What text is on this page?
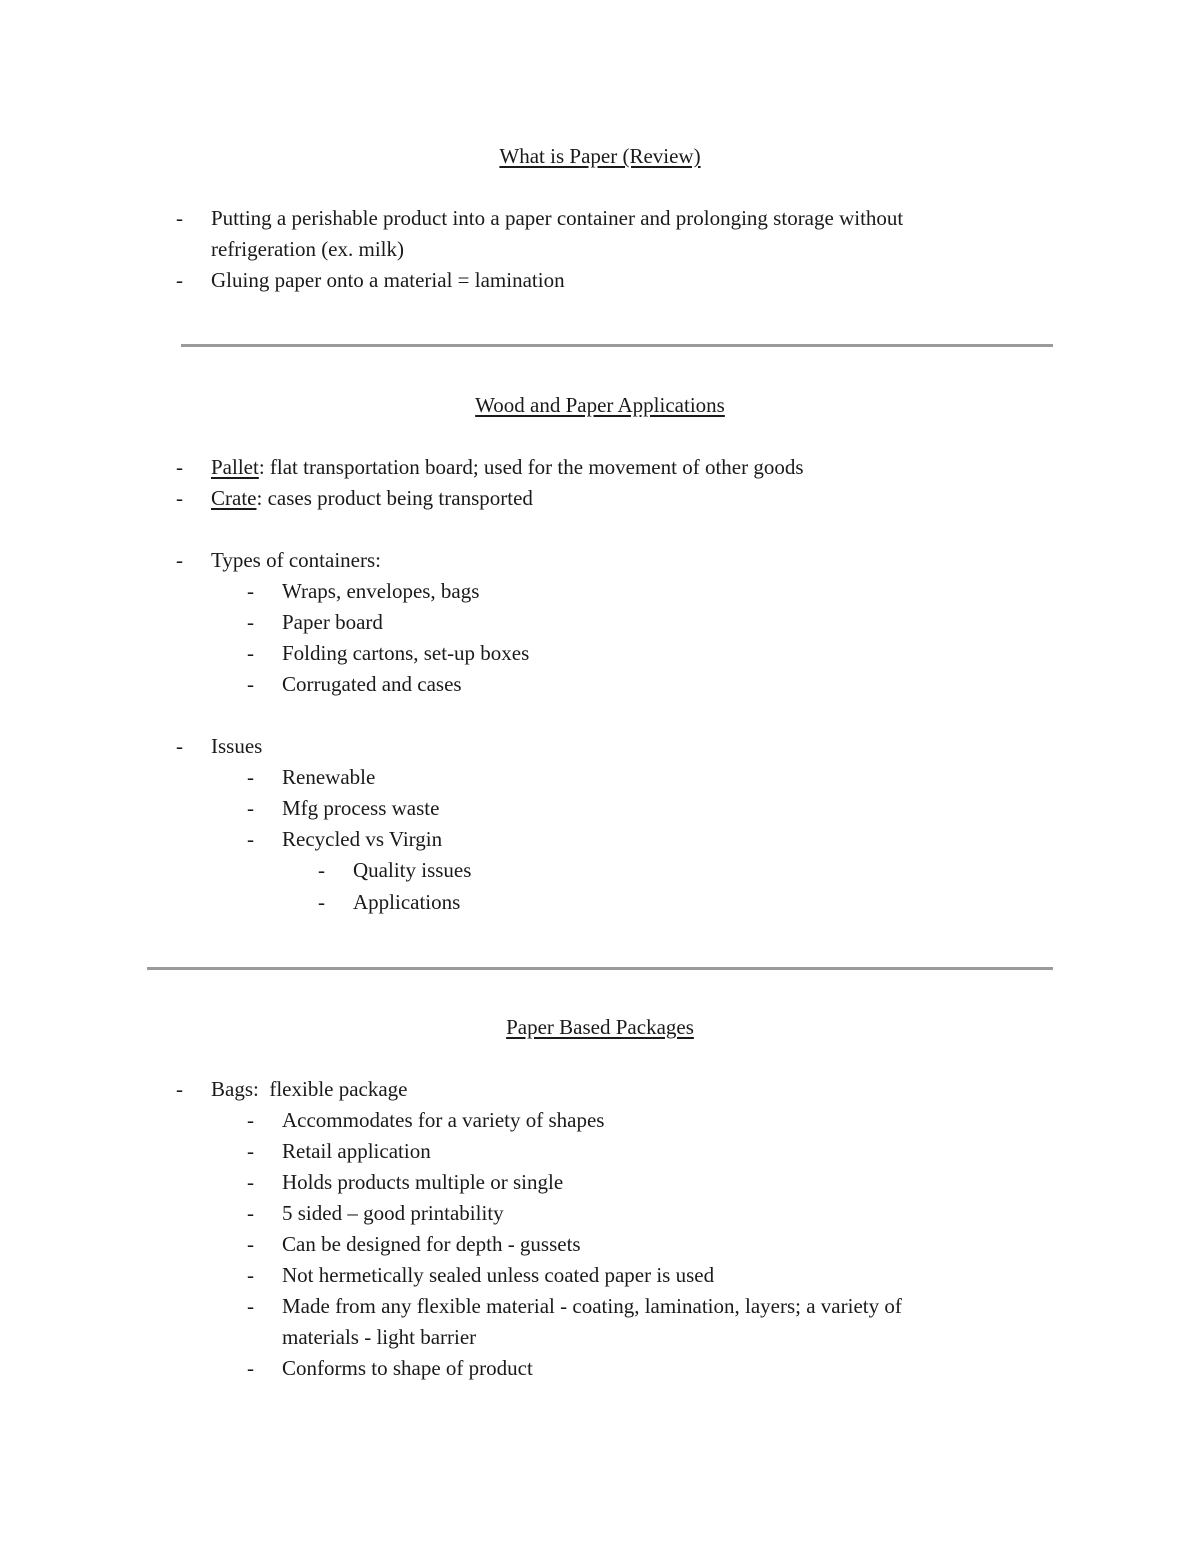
What is Paper (Review)
- Putting a perishable product into a paper container and prolonging storage without
refrigeration (ex. milk)
- Gluing paper onto a material = lamination
Wood and Paper Applications
- Pallet: flat transportation board; used for the movement of other goods
- Crate: cases product being transported
- Types of containers:
- Wraps, envelopes, bags
- Paper board
- Folding cartons, set-up boxes
- Corrugated and cases
- Issues
- Renewable
- Mfg process waste
- Recycled vs Virgin
- Quality issues
- Applications
Paper Based Packages
- Bags:  flexible package
- Accommodates for a variety of shapes
- Retail application
- Holds products multiple or single
- 5 sided – good printability
- Can be designed for depth - gussets
- Not hermetically sealed unless coated paper is used
- Made from any flexible material - coating, lamination, layers; a variety of
materials - light barrier
- Conforms to shape of product
